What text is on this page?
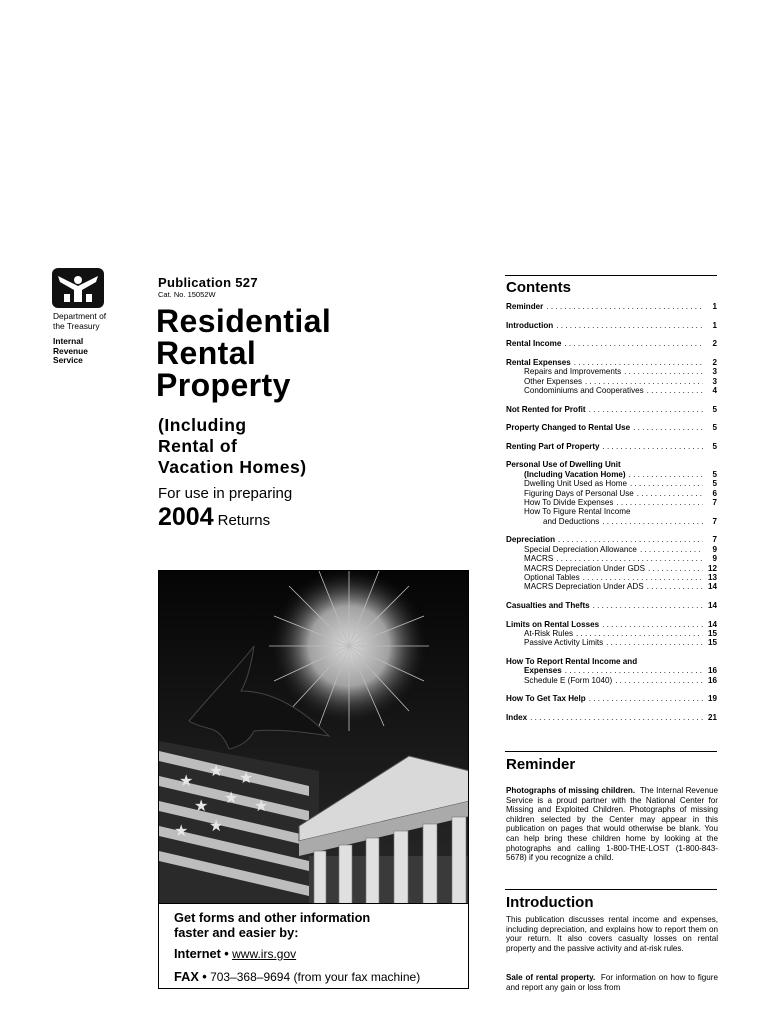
Department of the Treasury
Internal Revenue Service
Publication 527
Cat. No. 15052W
Residential
Rental
Property
(Including
Rental of
Vacation Homes)
For use in preparing
2004 Returns
★
★ ★
★ ★ ★
★ ★
Get forms and other information
faster and easier by:
Internet • www.irs.gov
FAX • 703–368–9694 (from your fax machine)
Contents
Reminder . . .	1
Introduction . . .	1
Rental Income . . .	2
Rental Expenses . . .	2
Repairs and Improvements . . .	3
Other Expenses . . .	3
Condominiums and Cooperatives . . .	4
Not Rented for Profit . . .	5
Property Changed to Rental Use . . .	5
Renting Part of Property . . .	5
Personal Use of Dwelling Unit
(Including Vacation Home) . . .	5
Dwelling Unit Used as Home . . .	5
Figuring Days of Personal Use . . .	6
How To Divide Expenses . . .	7
How To Figure Rental Income
and Deductions . . .	7
Depreciation . . .	7
Special Depreciation Allowance . . .	9
MACRS . . .	9
MACRS Depreciation Under GDS . . .	12
Optional Tables . . .	13
MACRS Depreciation Under ADS . . .	14
Casualties and Thefts . . .	14
Limits on Rental Losses . . .	14
At-Risk Rules . . .	15
Passive Activity Limits . . .	15
How To Report Rental Income and
Expenses . . .	16
Schedule E (Form 1040) . . .	16
How To Get Tax Help . . .	19
Index . . .	21
Reminder
Photographs of missing children. The Internal Revenue Service is a proud partner with the National Center for Missing and Exploited Children. Photographs of missing children selected by the Center may appear in this publication on pages that would otherwise be blank. You can help bring these children home by looking at the photographs and calling 1-800-THE-LOST (1-800-843-5678) if you recognize a child.
Introduction
This publication discusses rental income and expenses, including depreciation, and explains how to report them on your return. It also covers casualty losses on rental property and the passive activity and at-risk rules.
Sale of rental property. For information on how to figure and report any gain or loss from
